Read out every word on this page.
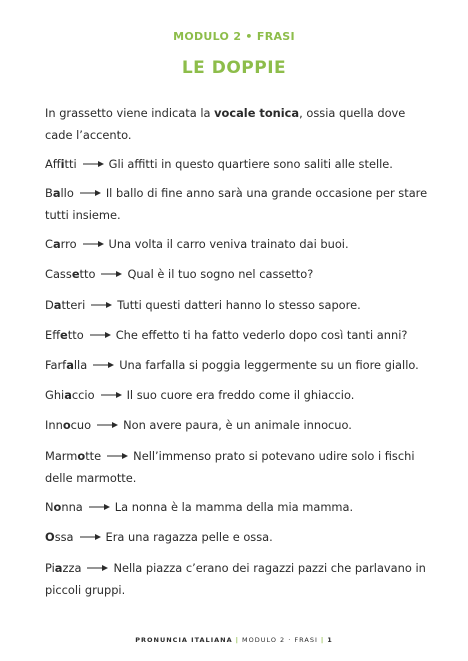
MODULO 2 • FRASI
LE DOPPIE
In grassetto viene indicata la vocale tonica, ossia quella dove cade l’accento.
Affitti	Gli affitti in questo quartiere sono saliti alle stelle.
Ballo	Il ballo di fine anno sarà una grande occasione per stare tutti insieme.
Carro	Una volta il carro veniva trainato dai buoi.
Cassetto	Qual è il tuo sogno nel cassetto?
Datteri	Tutti questi datteri hanno lo stesso sapore.
Effetto	Che effetto ti ha fatto vederlo dopo così tanti anni?
Farfalla	Una farfalla si poggia leggermente su un fiore giallo.
Ghiaccio	Il suo cuore era freddo come il ghiaccio.
Innocuo	Non avere paura, è un animale innocuo.
Marmotte	Nell’immenso prato si potevano udire solo i fischi delle marmotte.
Nonna	La nonna è la mamma della mia mamma.
Ossa	Era una ragazza pelle e ossa.
Piazza	Nella piazza c’erano dei ragazzi pazzi che parlavano in piccoli gruppi.
PRONUNCIA ITALIANA | MODULO 2 · FRASI | 1
